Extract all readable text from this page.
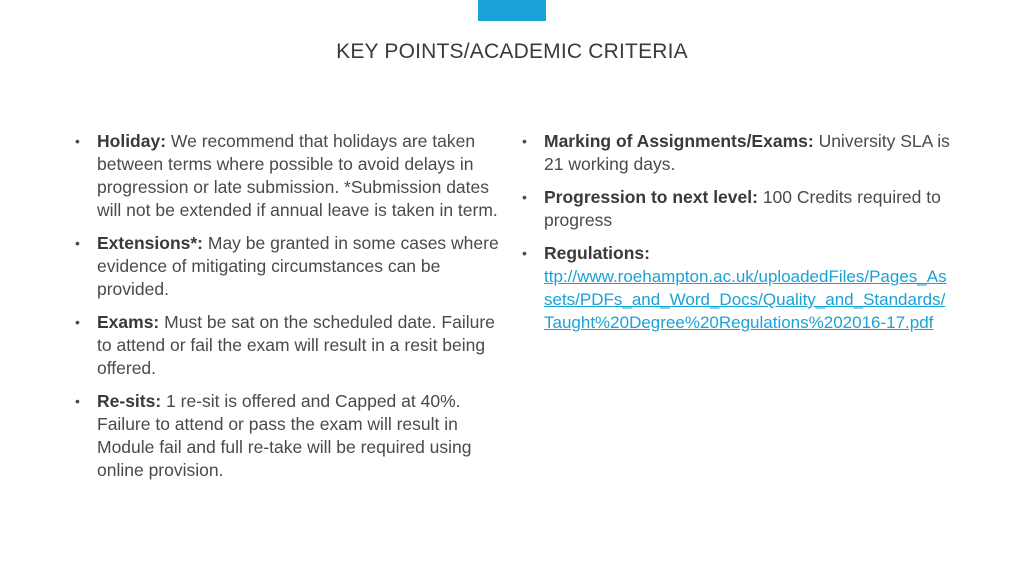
KEY POINTS/ACADEMIC CRITERIA
• Holiday: We recommend that holidays are taken between terms where possible to avoid delays in progression or late submission. *Submission dates will not be extended if annual leave is taken in term.
• Extensions*: May be granted in some cases where evidence of mitigating circumstances can be provided.
• Exams: Must be sat on the scheduled date. Failure to attend or fail the exam will result in a resit being offered.
• Re-sits: 1 re-sit is offered and Capped at 40%. Failure to attend or pass the exam will result in Module fail and full re-take will be required using online provision.
• Marking of Assignments/Exams: University SLA is 21 working days.
• Progression to next level: 100 Credits required to progress
• Regulations:
ttp://www.roehampton.ac.uk/uploadedFiles/Pages_Assets/PDFs_and_Word_Docs/Quality_and_Standards/Taught%20Degree%20Regulations%202016-17.pdf
